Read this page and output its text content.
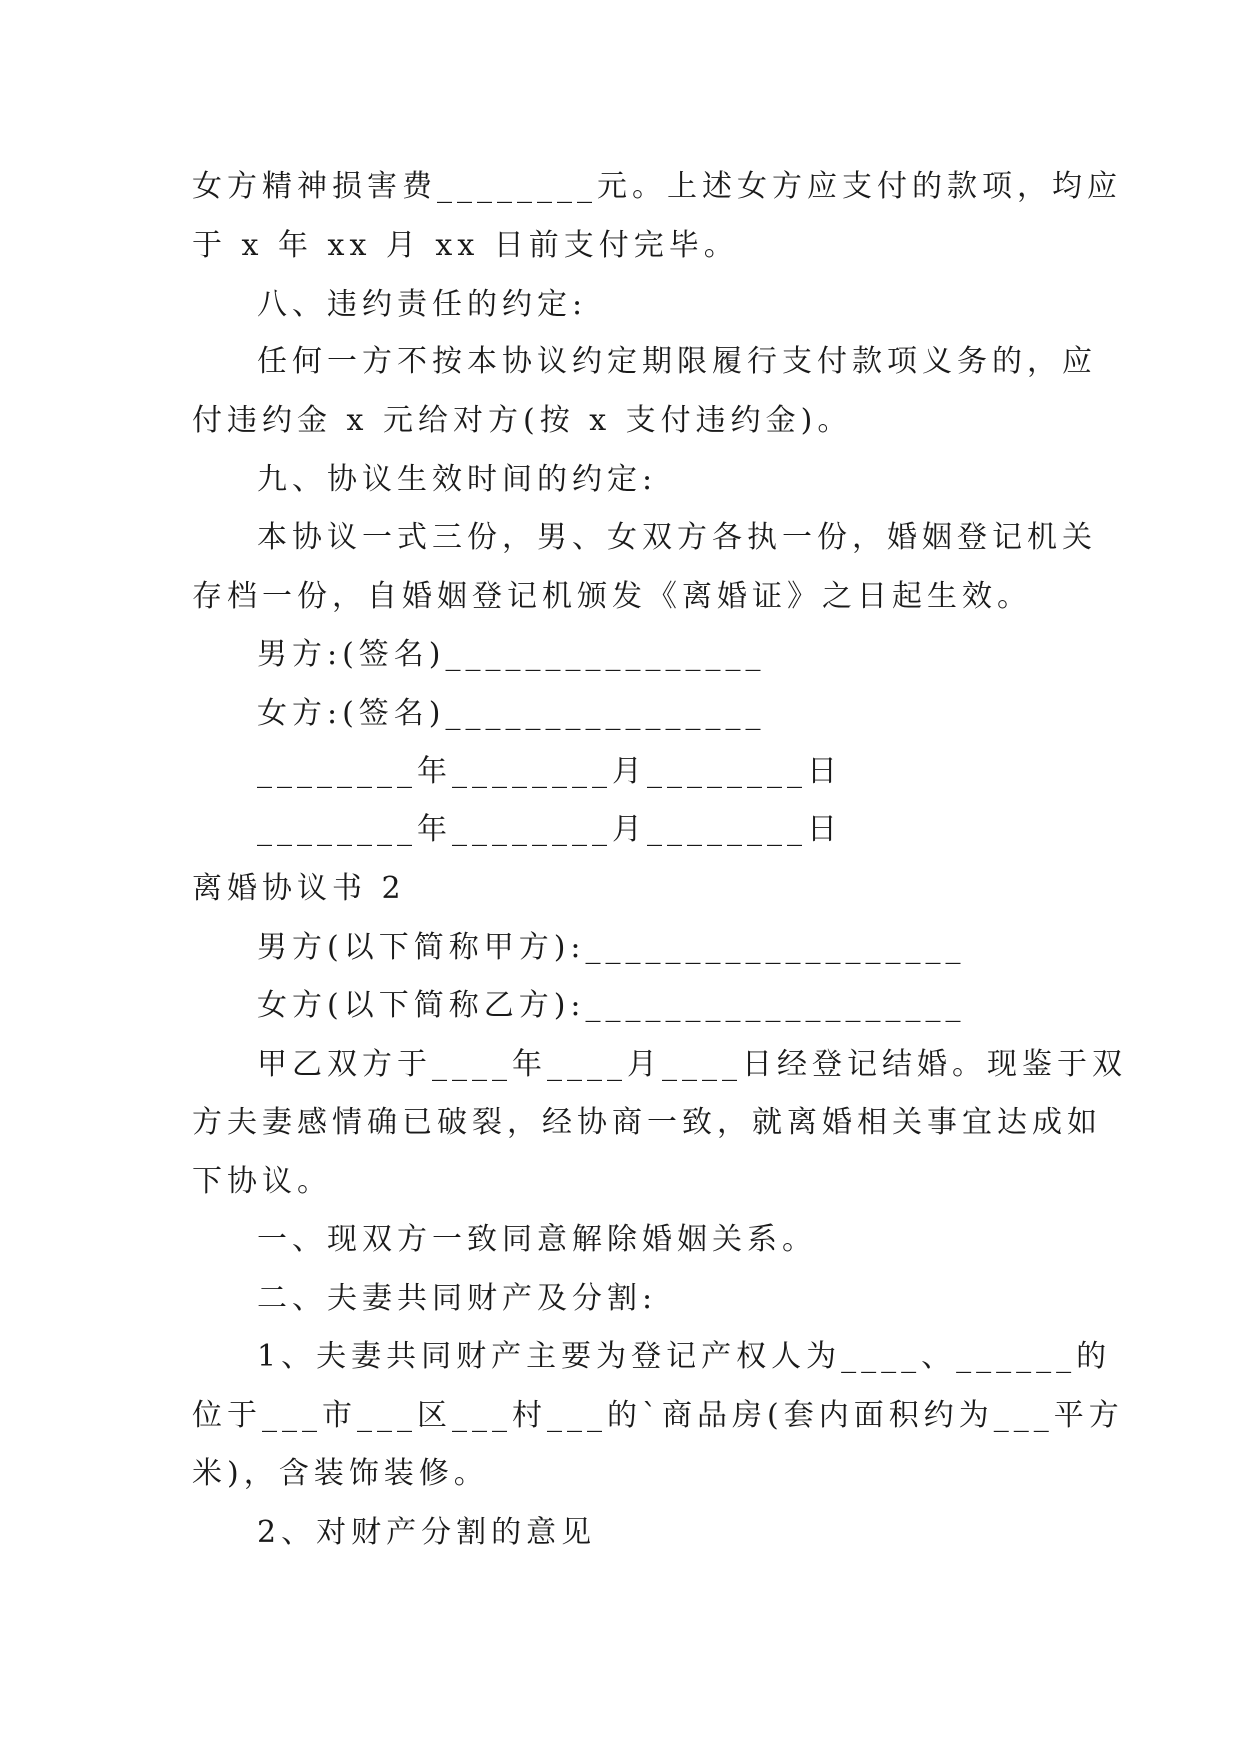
女方精神损害费________元。上述女方应支付的款项，均应
于 x 年 xx 月 xx 日前支付完毕。
八、违约责任的约定:
任何一方不按本协议约定期限履行支付款项义务的，应
付违约金 x 元给对方(按 x 支付违约金)。
九、协议生效时间的约定:
本协议一式三份，男、女双方各执一份，婚姻登记机关
存档一份，自婚姻登记机颁发《离婚证》之日起生效。
男方:(签名)________________
女方:(签名)________________
________年________月________日
________年________月________日
离婚协议书 2
男方(以下简称甲方):___________________
女方(以下简称乙方):___________________
甲乙双方于____年____月____日经登记结婚。现鉴于双
方夫妻感情确已破裂，经协商一致，就离婚相关事宜达成如
下协议。
一、现双方一致同意解除婚姻关系。
二、夫妻共同财产及分割:
1、夫妻共同财产主要为登记产权人为____、______的
位于___市___区___村___的`商品房(套内面积约为___平方
米)，含装饰装修。
2、对财产分割的意见
